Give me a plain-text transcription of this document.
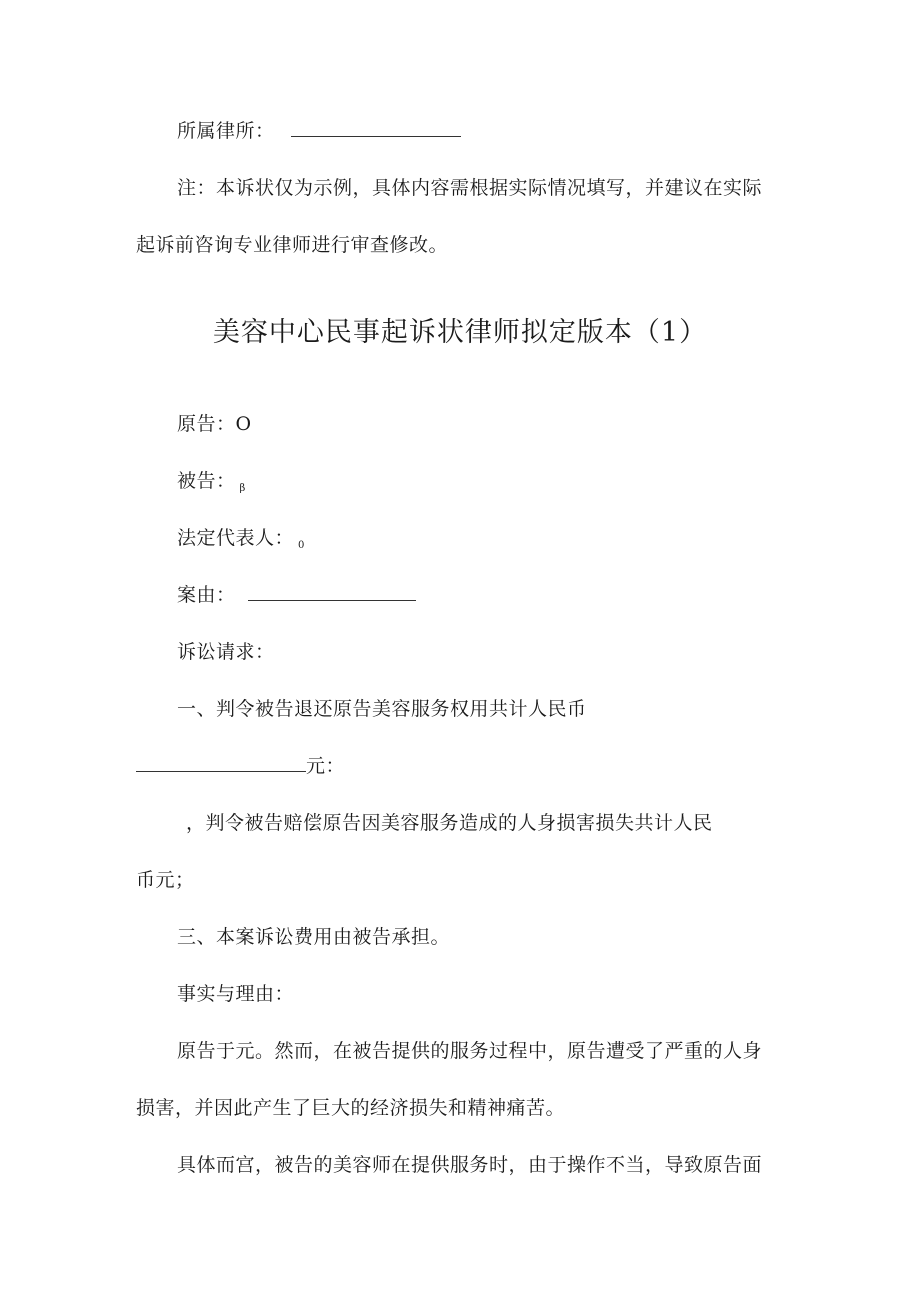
所属律所：
注：本诉状仅为示例，具体内容需根据实际情况填写，并建议在实际
起诉前咨询专业律师进行审查修改。
美容中心民事起诉状律师拟定版本（1）
原告：O
被告： $_\beta$
法定代表人： $_0$
案由：
诉讼请求：
一、判令被告退还原告美容服务权用共计人民币
元：
，判令被告赔偿原告因美容服务造成的人身损害损失共计人民
币元；
三、本案诉讼费用由被告承担。
事实与理由：
原告于元。然而，在被告提供的服务过程中，原告遭受了严重的人身
损害，并因此产生了巨大的经济损失和精神痛苦。
具体而宫，被告的美容师在提供服务时，由于操作不当，导致原告面
